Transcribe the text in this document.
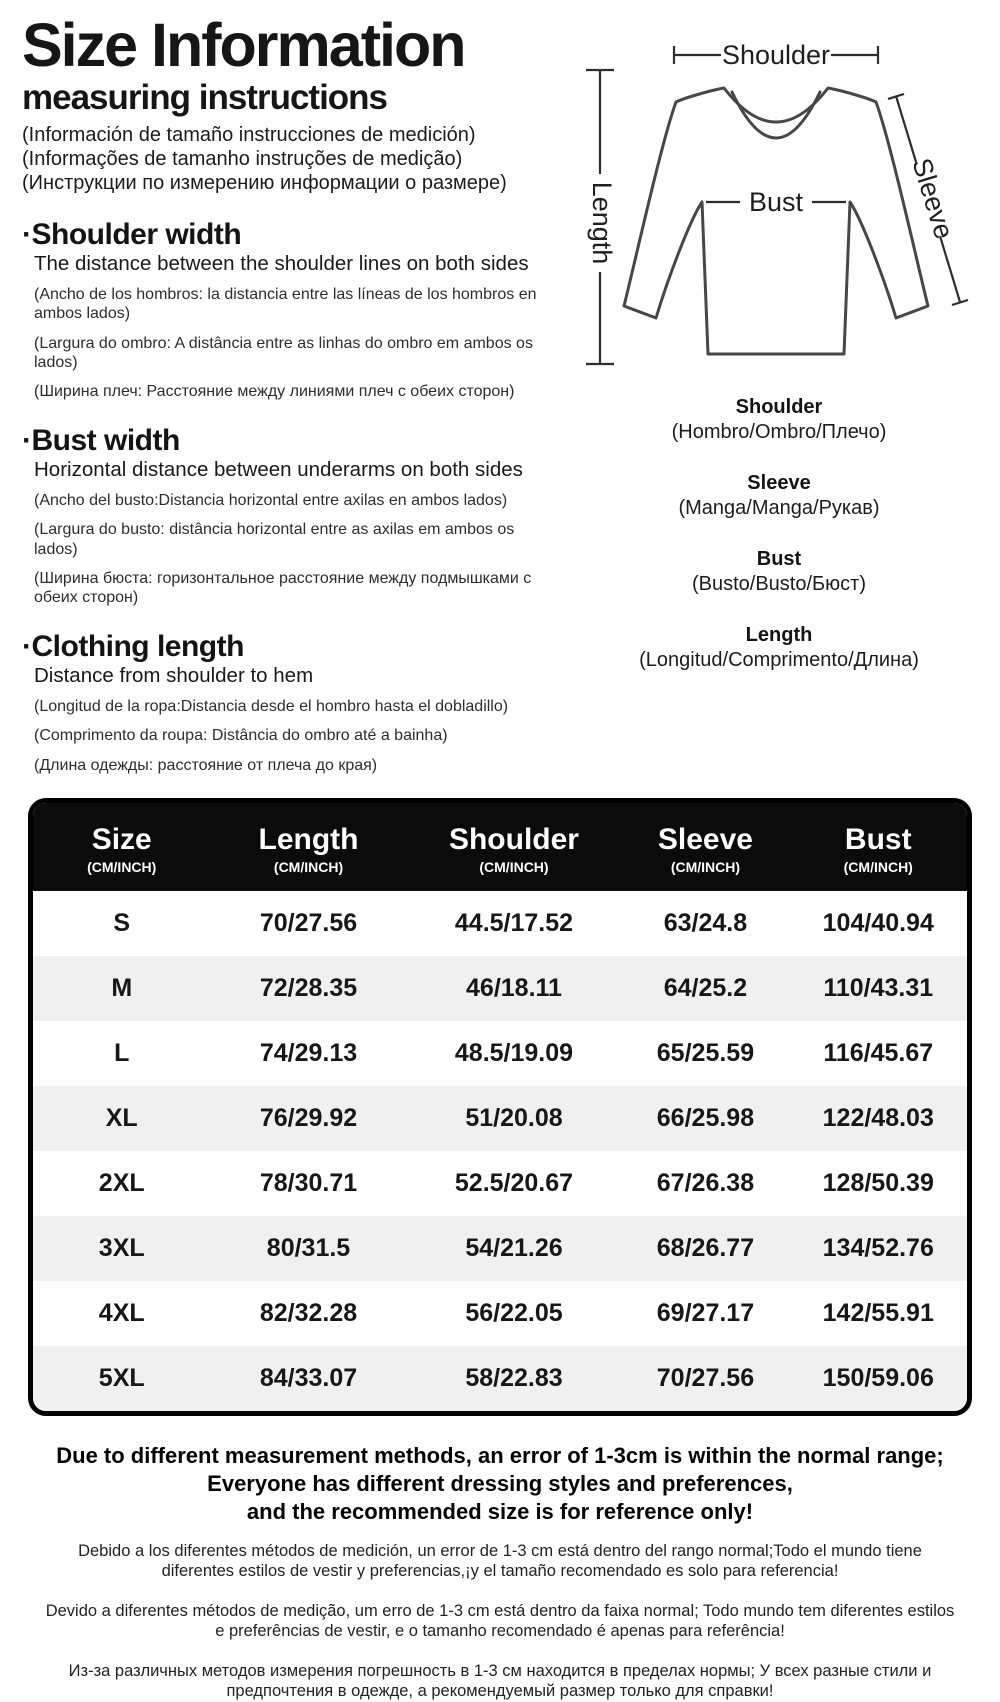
Size Information
measuring instructions
(Información de tamaño instrucciones de medición)
(Informações de tamanho instruções de medição)
(Инструкции по измерению информации о размере)
·Shoulder width
The distance between the shoulder lines on both sides
(Ancho de los hombros: la distancia entre las líneas de los hombros en ambos lados)
(Largura do ombro: A distância entre as linhas do ombro em ambos os lados)
(Ширина плеч: Расстояние между линиями плеч с обеих сторон)
·Bust width
Horizontal distance between underarms on both sides
(Ancho del busto:Distancia horizontal entre axilas en ambos lados)
(Largura do busto: distância horizontal entre as axilas em ambos os lados)
(Ширина бюста: горизонтальное расстояние между подмышками с обеих сторон)
·Clothing length
Distance from shoulder to hem
(Longitud de la ropa:Distancia desde el hombro hasta el dobladillo)
(Comprimento da roupa: Distância do ombro até a bainha)
(Длина одежды: расстояние от плеча до края)
Shoulder
Length	Bust	Sleeve
Shoulder
(Hombro/Ombro/Плечо)
Sleeve
(Manga/Manga/Рукав)
Bust
(Busto/Busto/Бюст)
Length
(Longitud/Comprimento/Длина)
Size
(CM/INCH)

Length
(CM/INCH)

Shoulder
(CM/INCH)

Sleeve
(CM/INCH)

Bust
(CM/INCH)

S	70/27.56	44.5/17.52	63/24.8	104/40.94
M	72/28.35	46/18.11	64/25.2	110/43.31
L	74/29.13	48.5/19.09	65/25.59	116/45.67
XL	76/29.92	51/20.08	66/25.98	122/48.03
2XL	78/30.71	52.5/20.67	67/26.38	128/50.39
3XL	80/31.5	54/21.26	68/26.77	134/52.76
4XL	82/32.28	56/22.05	69/27.17	142/55.91
5XL	84/33.07	58/22.83	70/27.56	150/59.06
Due to different measurement methods, an error of 1-3cm is within the normal range;
Everyone has different dressing styles and preferences,
and the recommended size is for reference only!
Debido a los diferentes métodos de medición, un error de 1-3 cm está dentro del rango normal;Todo el mundo tiene diferentes estilos de vestir y preferencias,¡y el tamaño recomendado es solo para referencia!
Devido a diferentes métodos de medição, um erro de 1-3 cm está dentro da faixa normal; Todo mundo tem diferentes estilos e preferências de vestir, e o tamanho recomendado é apenas para referência!
Из-за различных методов измерения погрешность в 1-3 см находится в пределах нормы; У всех разные стили и предпочтения в одежде, а рекомендуемый размер только для справки!
